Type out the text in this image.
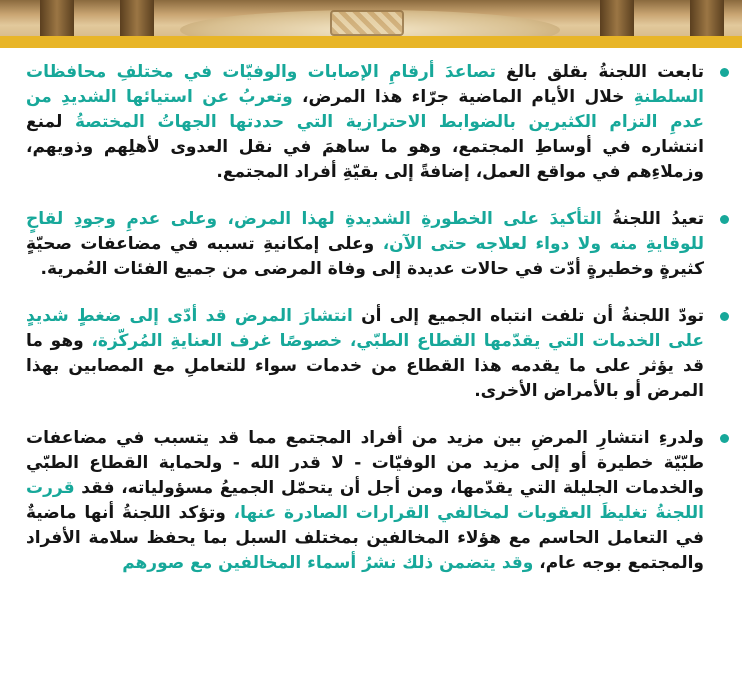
تابعت اللجنةُ بقلق بالغ تصاعدَ أرقامِ الإصابات والوفيّات في مختلفِ محافظات السلطنةِ خلال الأيام الماضية جرّاء هذا المرض، وتعربُ عن استيائها الشديدِ من عدمِ التزام الكثيرين بالضوابط الاحترازية التي حددتها الجهاتُ المختصةُ لمنع انتشاره في أوساطِ المجتمع، وهو ما ساهمَ في نقل العدوى لأهلِهم وذويهم، وزملاءِهم في مواقع العمل، إضافةً إلى بقيّةِ أفراد المجتمع.
تعيدُ اللجنةُ التأكيدَ على الخطورةِ الشديدةِ لهذا المرض، وعلى عدمِ وجودِ لقاحٍ للوقايةِ منه ولا دواء لعلاجه حتى الآن، وعلى إمكانيةِ تسببه في مضاعفات صحيّةٍ كثيرةٍ وخطيرةٍ أدّت في حالات عديدة إلى وفاة المرضى من جميع الفئات العُمرية.
تودّ اللجنةُ أن تلفت انتباه الجميع إلى أن انتشارَ المرض قد أدّى إلى ضغطٍ شديدٍ على الخدمات التي يقدّمها القطاع الطبّي، خصوصًا غرف العنايةِ المُركّزة، وهو ما قد يؤثر على ما يقدمه هذا القطاع من خدمات سواء للتعاملِ مع المصابين بهذا المرض أو بالأمراض الأخرى.
ولدرءِ انتشارِ المرضِ بين مزيد من أفراد المجتمع مما قد يتسبب في مضاعفات طبّيّة خطيرة أو إلى مزيد من الوفيّات - لا قدر الله - ولحماية القطاع الطبّي والخدمات الجليلة التي يقدّمها، ومن أجل أن يتحمّل الجميعُ مسؤولياته، فقد قررت اللجنةُ تغليظَ العقوبات لمخالفي القرارات الصادرة عنها، وتؤكد اللجنةُ أنها ماضيةٌ في التعامل الحاسم مع هؤلاء المخالفين بمختلف السبل بما يحفظ سلامة الأفراد والمجتمع بوجه عام، وقد يتضمن ذلك نشرُ أسماء المخالفين مع صورهم
